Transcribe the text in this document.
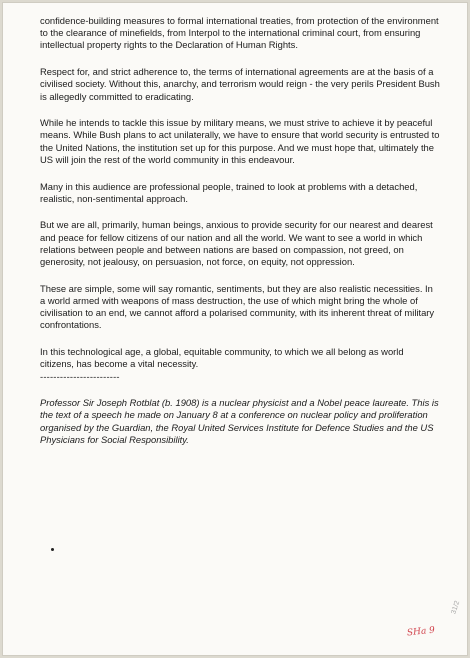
confidence-building measures to formal international treaties, from protection of the environment to the clearance of minefields, from Interpol to the international criminal court, from ensuring intellectual property rights to the Declaration of Human Rights.

Respect for, and strict adherence to, the terms of international agreements are at the basis of a civilised society. Without this, anarchy, and terrorism would reign - the very perils President Bush is allegedly committed to eradicating.

While he intends to tackle this issue by military means, we must strive to achieve it by peaceful means. While Bush plans to act unilaterally, we have to ensure that world security is entrusted to the United Nations, the institution set up for this purpose. And we must hope that, ultimately the US will join the rest of the world community in this endeavour.

Many in this audience are professional people, trained to look at problems with a detached, realistic, non-sentimental approach.

But we are all, primarily, human beings, anxious to provide security for our nearest and dearest and peace for fellow citizens of our nation and all the world. We want to see a world in which relations between people and between nations are based on compassion, not greed, on generosity, not jealousy, on persuasion, not force, on equity, not oppression.

These are simple, some will say romantic, sentiments, but they are also realistic necessities. In a world armed with weapons of mass destruction, the use of which might bring the whole of civilisation to an end, we cannot afford a polarised community, with its inherent threat of military confrontations.

In this technological age, a global, equitable community, to which we all belong as world citizens, has become a vital necessity.

------------------------

Professor Sir Joseph Rotblat (b. 1908) is a nuclear physicist and a Nobel peace laureate. This is the text of a speech he made on January 8 at a conference on nuclear policy and proliferation organised by the Guardian, the Royal United Services Institute for Defence Studies and the US Physicians for Social Responsibility.

31/2
SHa 9
